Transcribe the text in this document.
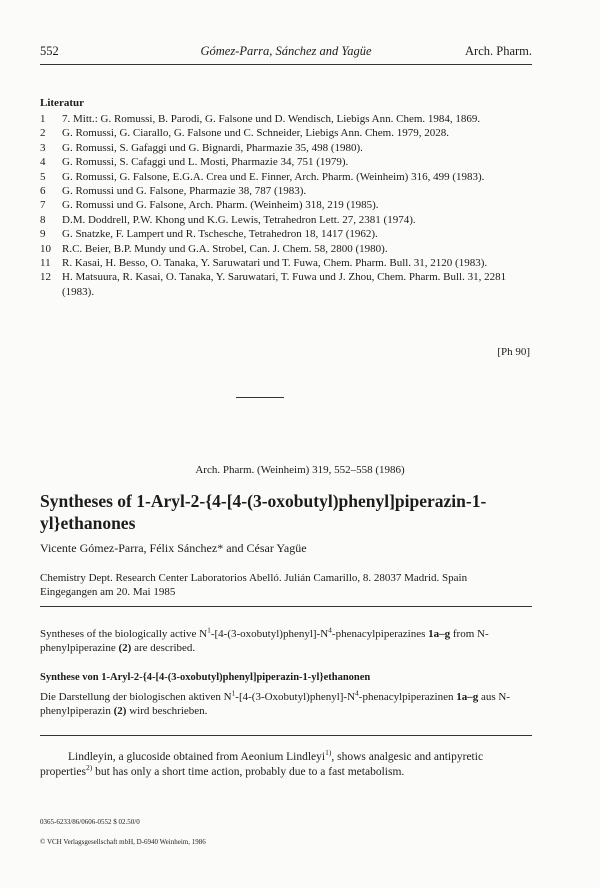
552	Gómez-Parra, Sánchez and Yagüe	Arch. Pharm.
Literatur
1 7. Mitt.: G. Romussi, B. Parodi, G. Falsone und D. Wendisch, Liebigs Ann. Chem. 1984, 1869.
2 G. Romussi, G. Ciarallo, G. Falsone und C. Schneider, Liebigs Ann. Chem. 1979, 2028.
3 G. Romussi, S. Gafaggi und G. Bignardi, Pharmazie 35, 498 (1980).
4 G. Romussi, S. Cafaggi und L. Mosti, Pharmazie 34, 751 (1979).
5 G. Romussi, G. Falsone, E.G.A. Crea und E. Finner, Arch. Pharm. (Weinheim) 316, 499 (1983).
6 G. Romussi und G. Falsone, Pharmazie 38, 787 (1983).
7 G. Romussi und G. Falsone, Arch. Pharm. (Weinheim) 318, 219 (1985).
8 D.M. Doddrell, P.W. Khong und K.G. Lewis, Tetrahedron Lett. 27, 2381 (1974).
9 G. Snatzke, F. Lampert und R. Tschesche, Tetrahedron 18, 1417 (1962).
10 R.C. Beier, B.P. Mundy und G.A. Strobel, Can. J. Chem. 58, 2800 (1980).
11 R. Kasai, H. Besso, O. Tanaka, Y. Saruwatari und T. Fuwa, Chem. Pharm. Bull. 31, 2120 (1983).
12 H. Matsuura, R. Kasai, O. Tanaka, Y. Saruwatari, T. Fuwa und J. Zhou, Chem. Pharm. Bull. 31, 2281 (1983).
[Ph 90]
Arch. Pharm. (Weinheim) 319, 552–558 (1986)
Syntheses of 1-Aryl-2-{4-[4-(3-oxobutyl)phenyl]piperazin-1-yl}ethanones
Vicente Gómez-Parra, Félix Sánchez* and César Yagüe
Chemistry Dept. Research Center Laboratorios Abelló. Julián Camarillo, 8. 28037 Madrid. Spain
Eingegangen am 20. Mai 1985
Syntheses of the biologically active $N^1-[4-(3-oxobutyl)phenyl]-N^4$-phenacylpiperazines 1a–g from N-phenylpiperazine (2) are described.
Synthese von 1-Aryl-2-{4-[4-(3-oxobutyl)phenyl]piperazin-1-yl}ethanonen
Die Darstellung der biologischen aktiven $N^1-[4-(3-Oxobutyl)phenyl]-N^4$-phenacylpiperazinen 1a–g aus N-phenylpiperazin (2) wird beschrieben.
Lindleyin, a glucoside obtained from Aeonium Lindleyi$^{1)}$, shows analgesic and antipyretic properties$^{2)}$ but has only a short time action, probably due to a fast metabolism.
0365-6233/86/0606-0552 $ 02.50/0
© VCH Verlagsgesellschaft mbH, D-6940 Weinheim, 1986
